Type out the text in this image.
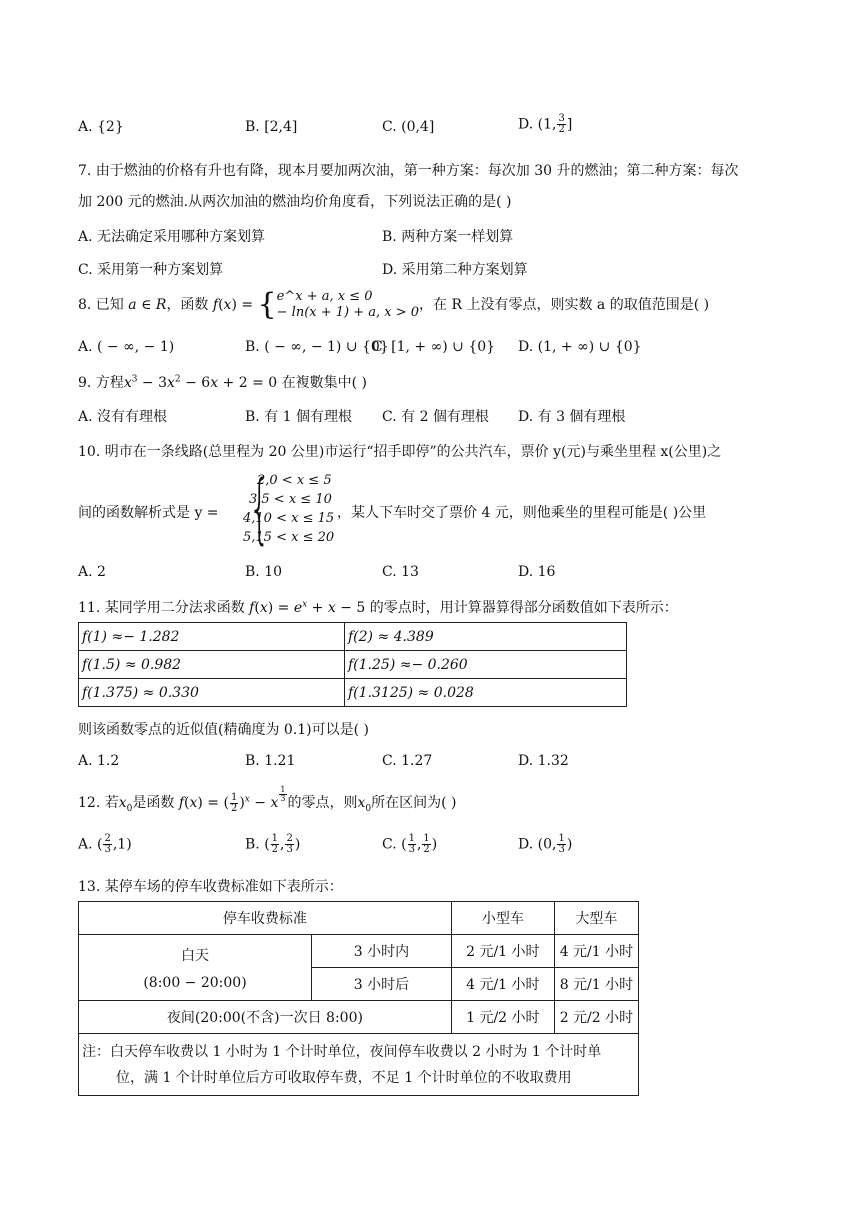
A. {2}	B. [2,4]	C. (0,4]	D. (1, $\frac{3}{2}$ ]
7. 由于燃油的价格有升也有降，现本月要加两次油，第一种方案：每次加 30 升的燃油；第二种方案：每次
加 200 元的燃油.从两次加油的燃油均价角度看，下列说法正确的是( )
A. 无法确定采用哪种方案划算	B. 两种方案一样划算
C. 采用第一种方案划算	D. 采用第二种方案划算
8. 已知 a ∈ R，函数 f(x) = { e^x + a, x ≤ 0
− ln(x + 1) + a, x > 0 ，在 R 上没有零点，则实数 a 的取值范围是( )
A. ( − ∞, − 1)	B. ( − ∞, − 1) ∪ {0}
C. [1, + ∞) ∪ {0} D. (1, + ∞) ∪ {0}
9. 方程$x^3 - 3x^2 - 6x + 2 = 0$ 在複數集中( )
A. 沒有有理根	B. 有 1 個有理根 C. 有 2 個有理根 D. 有 3 個有理根
10. 明市在一条线路(总里程为 20 公里)市运行“招手即停”的公共汽车，票价 y(元)与乘坐里程 x(公里)之
间的函数解析式是 y = {
2,0 < x ≤ 5
3,5 < x ≤ 10
4,10 < x ≤ 15
5,15 < x ≤ 20
，某人下车时交了票价 4 元，则他乘坐的里程可能是( )公里
A. 2	B. 10	C. 13	D. 16
11. 某同学用二分法求函数 $f(x) = e^x + x - 5$ 的零点时，用计算器算得部分函数值如下表所示：
f(1) ≈− 1.282	f(2) ≈ 4.389
f(1.5) ≈ 0.982	f(1.25) ≈− 0.260
f(1.375) ≈ 0.330	f(1.3125) ≈ 0.028
则该函数零点的近似值(精确度为 0.1)可以是( )
A. 1.2	B. 1.21	C. 1.27	D. 1.32
12. 若$x_0$是函数 f(x) = ( $\frac{1}{2} )^x - x$ $^{\frac{1}{3}}$ 的零点，则$x_0$所在区间为( )
A. ( $\frac{2}{3} ,1$)	B. ( $\frac{1}{2}$ , $\frac{2}{3}$ )	C. ( $\frac{1}{3}$ , $\frac{1}{2}$ )	D. (0, $\frac{1}{3}$ )
13. 某停车场的停车收费标准如下表所示：
停车收费标准		小型车	大型车

白天
(8:00 − 20:00)	3 小时内	2 元/1 小时	4 元/1 小时
	3 小时后	4 元/1 小时	8 元/1 小时
夜间(20:00(不含)一次日 8:00)		1 元/2 小时	2 元/2 小时

注：白天停车收费以 1 小时为 1 个计时单位，夜间停车收费以 2 小时为 1 个计时单
位，满 1 个计时单位后方可收取停车费，不足 1 个计时单位的不收取费用			
